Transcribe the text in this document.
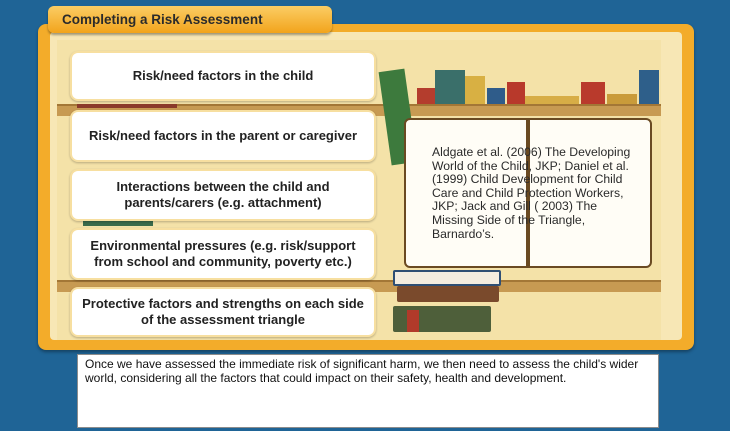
Completing a Risk Assessment
Risk/need factors in the child
Risk/need factors in the parent or caregiver
Interactions between the child and parents/carers (e.g. attachment)
Environmental pressures (e.g. risk/support from school and community, poverty etc.)
Protective factors and strengths on each side of the assessment triangle
Aldgate et al. (2006) The Developing World of the Child, JKP; Daniel et al. (1999) Child Development for Child Care and Child Protection Workers, JKP; Jack and Gill ( 2003) The Missing Side of the Triangle, Barnardo’s.
Once we have assessed the immediate risk of significant harm, we then need to assess the child's wider world, considering all the factors that could impact on their safety, health and development.
